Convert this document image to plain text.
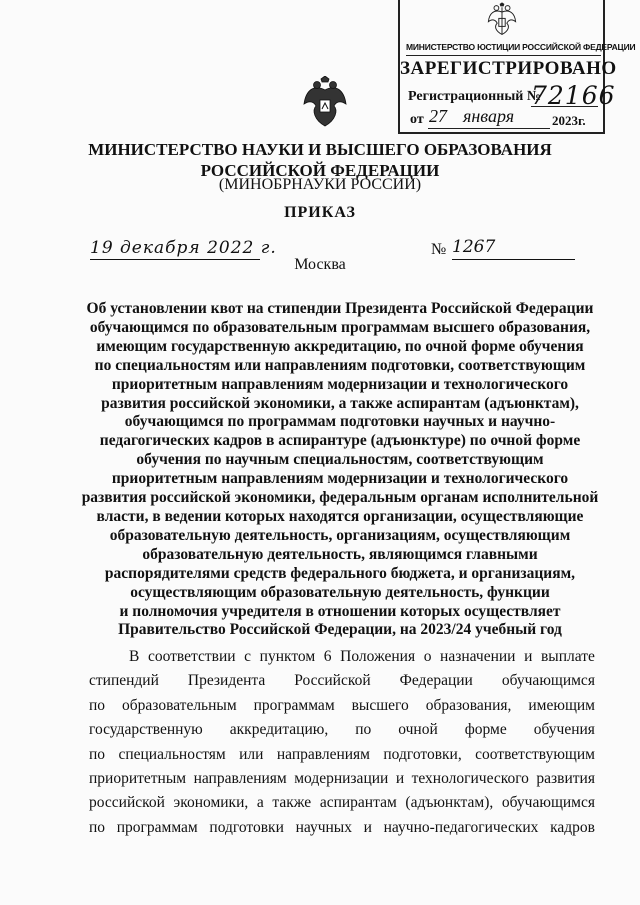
МИНИСТЕРСТВО ЮСТИЦИИ РОССИЙСКОЙ ФЕДЕРАЦИИ
ЗАРЕГИСТРИРОВАНО
Регистрационный №
72166
от 27 января	2023г.
МИНИСТЕРСТВО НАУКИ И ВЫСШЕГО ОБРАЗОВАНИЯ
РОССИЙСКОЙ ФЕДЕРАЦИИ
(МИНОБРНАУКИ РОССИИ)
ПРИКАЗ
19 декабря 2022 г.	№ 1267
Москва
Об установлении квот на стипендии Президента Российской Федерации
обучающимся по образовательным программам высшего образования,
имеющим государственную аккредитацию, по очной форме обучения
по специальностям или направлениям подготовки, соответствующим
приоритетным направлениям модернизации и технологического
развития российской экономики, а также аспирантам (адъюнктам),
обучающимся по программам подготовки научных и научно-
педагогических кадров в аспирантуре (адъюнктуре) по очной форме
обучения по научным специальностям, соответствующим
приоритетным направлениям модернизации и технологического
развития российской экономики, федеральным органам исполнительной
власти, в ведении которых находятся организации, осуществляющие
образовательную деятельность, организациям, осуществляющим
образовательную деятельность, являющимся главными
распорядителями средств федерального бюджета, и организациям,
осуществляющим образовательную деятельность, функции
и полномочия учредителя в отношении которых осуществляет
Правительство Российской Федерации, на 2023/24 учебный год
В соответствии с пунктом 6 Положения о назначении и выплате
стипендий Президента Российской Федерации обучающимся
по образовательным программам высшего образования, имеющим
государственную аккредитацию, по очной форме обучения
по специальностям или направлениям подготовки, соответствующим
приоритетным направлениям модернизации и технологического развития
российской экономики, а также аспирантам (адъюнктам), обучающимся
по программам подготовки научных и научно-педагогических кадров
